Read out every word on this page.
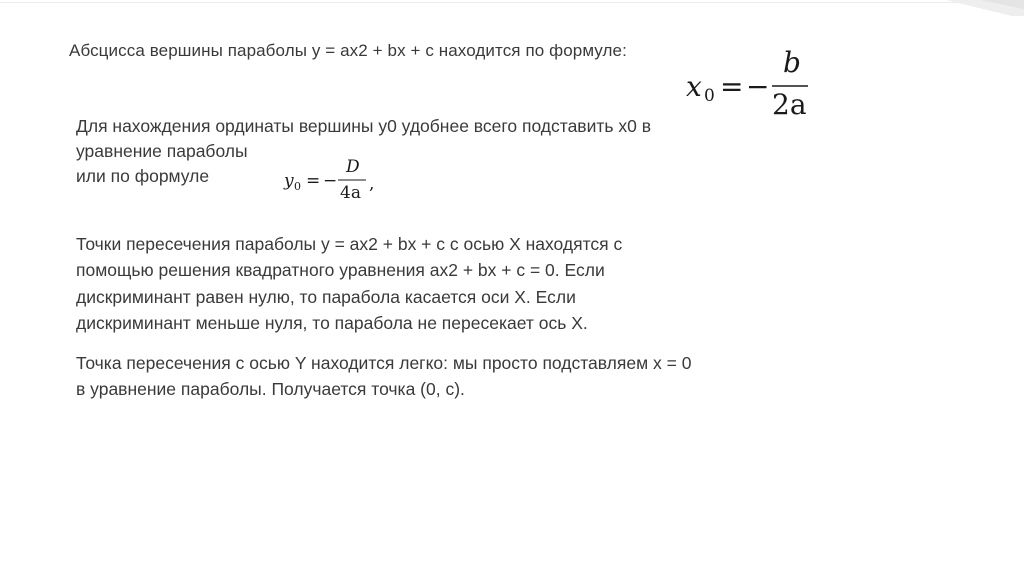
Абсцисса вершины параболы y = ax2 + bx + c находится по формуле:
x 0 = −
b
2a
Для нахождения ординаты вершины y0 удобнее всего подставить x0 в
уравнение параболы
или по формуле	y 0 = −
D
4a ,
Точки пересечения параболы y = ax2 + bx + c с осью X находятся с
помощью решения квадратного уравнения ax2 + bx + c = 0. Если
дискриминант равен нулю, то парабола касается оси X. Если
дискриминант меньше нуля, то парабола не пересекает ось X.
Точка пересечения с осью Y находится легко: мы просто подставляем x = 0
в уравнение параболы. Получается точка (0, c).
